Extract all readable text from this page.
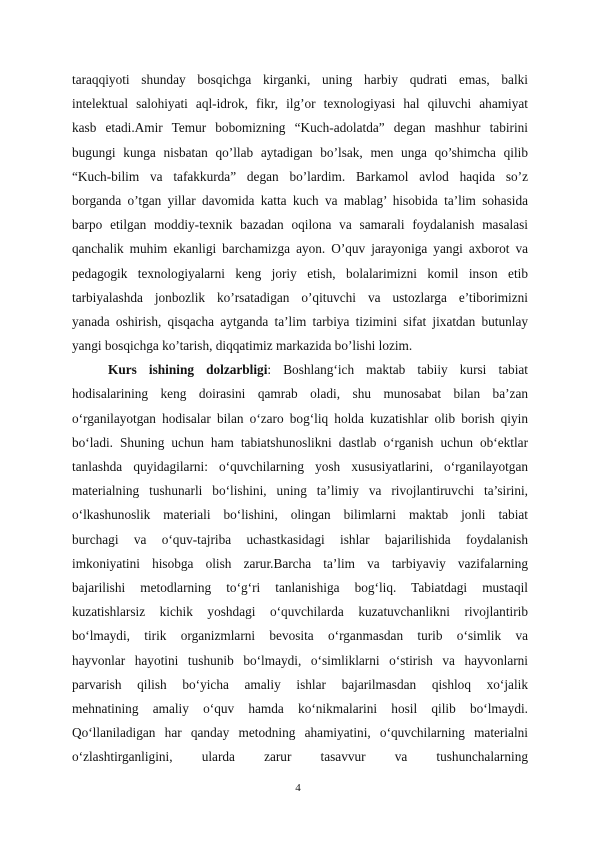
taraqqiyoti shunday bosqichga kirganki, uning harbiy qudrati emas, balki
intelektual salohiyati aql-idrok, fikr, ilg’or texnologiyasi hal qiluvchi ahamiyat
kasb etadi.Amir Temur bobomizning “Kuch-adolatda” degan mashhur tabirini
bugungi kunga nisbatan qo’llab aytadigan bo’lsak, men unga qo’shimcha qilib
“Kuch-bilim va tafakkurda” degan bo’lardim. Barkamol avlod haqida so’z
borganda o’tgan yillar davomida katta kuch va mablag’ hisobida ta’lim sohasida
barpo etilgan moddiy-texnik bazadan oqilona va samarali foydalanish masalasi
qanchalik muhim ekanligi barchamizga ayon. O’quv jarayoniga yangi axborot va
pedagogik texnologiyalarni keng joriy etish, bolalarimizni komil inson etib
tarbiyalashda jonbozlik ko’rsatadigan o’qituvchi va ustozlarga e’tiborimizni
yanada oshirish, qisqacha aytganda ta’lim tarbiya tizimini sifat jixatdan butunlay
yangi bosqichga ko’tarish, diqqatimiz markazida bo’lishi lozim.
Kurs ishining dolzarbligi: Boshlang‘ich maktab tabiiy kursi tabiat
hodisalarining keng doirasini qamrab oladi, shu munosabat bilan ba’zan
o‘rganilayotgan hodisalar bilan o‘zaro bog‘liq holda kuzatishlar olib borish qiyin
bo‘ladi. Shuning uchun ham tabiatshunoslikni dastlab o‘rganish uchun ob‘ektlar
tanlashda quyidagilarni: o‘quvchilarning yosh xususiyatlarini, o‘rganilayotgan
materialning tushunarli bo‘lishini, uning ta’limiy va rivojlantiruvchi ta’sirini,
o‘lkashunoslik materiali bo‘lishini, olingan bilimlarni maktab jonli tabiat
burchagi va o‘quv-tajriba uchastkasidagi ishlar bajarilishida foydalanish
imkoniyatini hisobga olish zarur.Barcha ta’lim va tarbiyaviy vazifalarning
bajarilishi metodlarning to‘g‘ri tanlanishiga bog‘liq. Tabiatdagi mustaqil
kuzatishlarsiz kichik yoshdagi o‘quvchilarda kuzatuvchanlikni rivojlantirib
bo‘lmaydi, tirik organizmlarni bevosita o‘rganmasdan turib o‘simlik va
hayvonlar hayotini tushunib bo‘lmaydi, o‘simliklarni o‘stirish va hayvonlarni
parvarish qilish bo‘yicha amaliy ishlar bajarilmasdan qishloq xo‘jalik
mehnatining amaliy o‘quv hamda ko‘nikmalarini hosil qilib bo‘lmaydi.
Qo‘llaniladigan har qanday metodning ahamiyatini, o‘quvchilarning materialni
o‘zlashtirganligini, ularda zarur tasavvur va tushunchalarning
4
